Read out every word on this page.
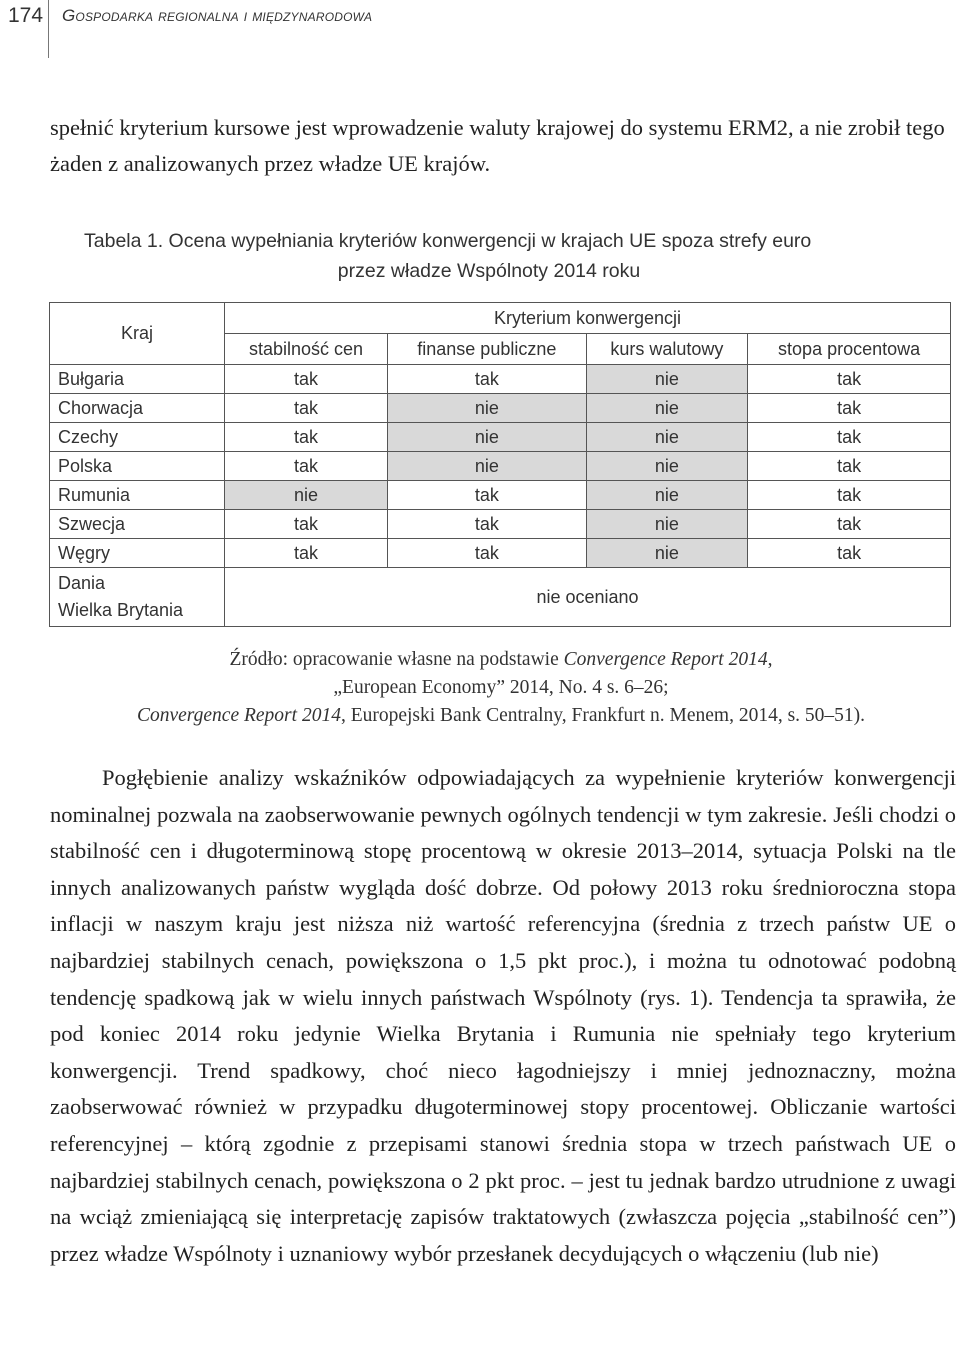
174 Gospodarka regionalna i międzynarodowa

spełnić kryterium kursowe jest wprowadzenie waluty krajowej do systemu ERM2, a nie zrobił tego żaden z analizowanych przez władze UE krajów.

Tabela 1. Ocena wypełniania kryteriów konwergencji w krajach UE spoza strefy euro
przez władze Wspólnoty 2014 roku
Kraj	Kryterium konwergencji			
	stabilność cen	finanse publiczne	kurs walutowy	stopa procentowa
Bułgaria	tak	tak	nie	tak
Chorwacja	tak	nie	nie	tak
Czechy	tak	nie	nie	tak
Polska	tak	nie	nie	tak
Rumunia	nie	tak	nie	tak
Szwecja	tak	tak	nie	tak
Węgry	tak	tak	nie	tak

Dania
Wielka Brytania	nie oceniano			
Źródło: opracowanie własne na podstawie Convergence Report 2014,
„European Economy” 2014, No. 4 s. 6–26;
Convergence Report 2014, Europejski Bank Centralny, Frankfurt n. Menem, 2014, s. 50–51).

Pogłębienie analizy wskaźników odpowiadających za wypełnienie kryteriów konwergencji nominalnej pozwala na zaobserwowanie pewnych ogólnych tendencji w tym zakresie. Jeśli chodzi o stabilność cen i długoterminową stopę procentową w okresie 2013–2014, sytuacja Polski na tle innych analizowanych państw wygląda dość dobrze. Od połowy 2013 roku średnioroczna stopa inflacji w naszym kraju jest niższa niż wartość referencyjna (średnia z trzech państw UE o najbardziej stabilnych cenach, powiększona o 1,5 pkt proc.), i można tu odnotować podobną tendencję spadkową jak w wielu innych państwach Wspólnoty (rys. 1). Tendencja ta sprawiła, że pod koniec 2014 roku jedynie Wielka Brytania i Rumunia nie spełniały tego kryterium konwergencji. Trend spadkowy, choć nieco łagodniejszy i mniej jednoznaczny, można zaobserwować również w przypadku długoterminowej stopy procentowej. Obliczanie wartości referencyjnej – którą zgodnie z przepisami stanowi średnia stopa w trzech państwach UE o najbardziej stabilnych cenach, powiększona o 2 pkt proc. – jest tu jednak bardzo utrudnione z uwagi na wciąż zmieniającą się interpretację zapisów traktatowych (zwłaszcza pojęcia „stabilność cen”) przez władze Wspólnoty i uznaniowy wybór przesłanek decydujących o włączeniu (lub nie)
